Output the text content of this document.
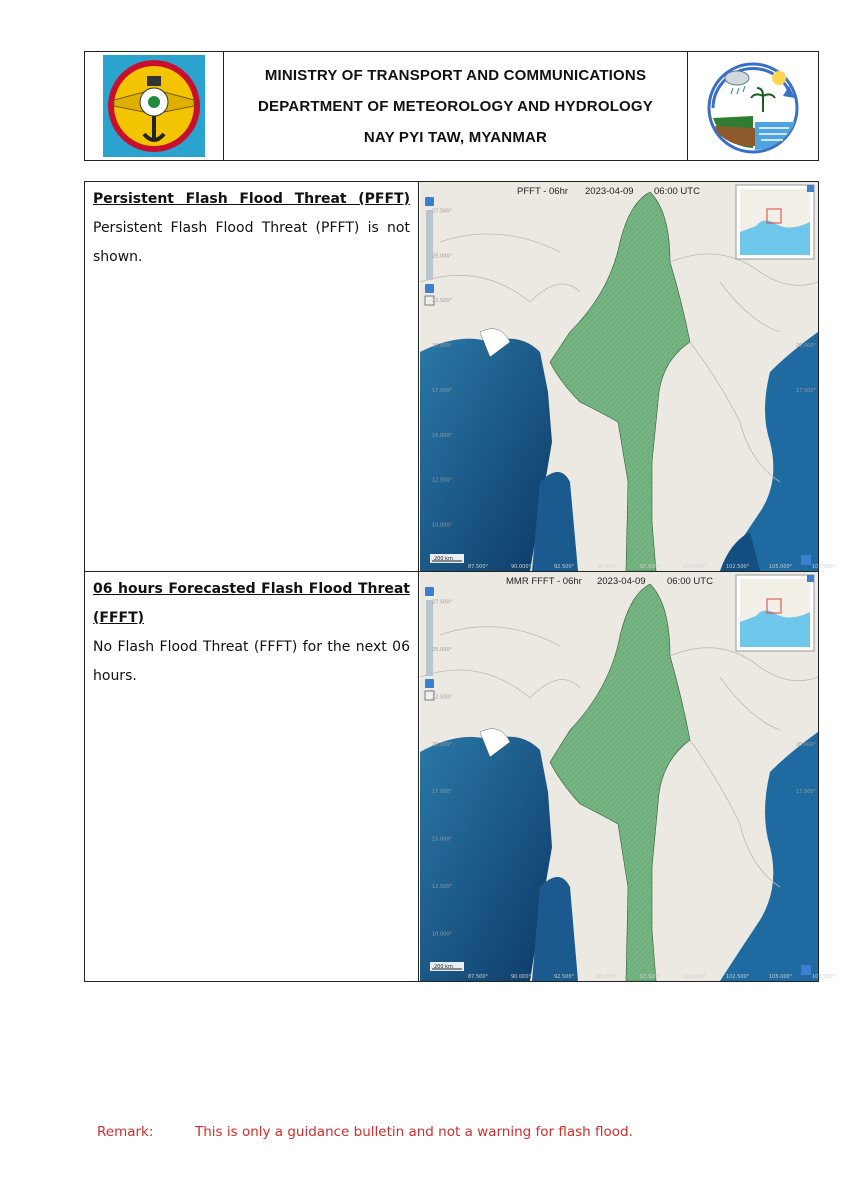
MINISTRY OF TRANSPORT AND COMMUNICATIONS
DEPARTMENT OF METEOROLOGY AND HYDROLOGY
NAY PYI TAW, MYANMAR
Persistent Flash Flood Threat (PFFT)
Persistent Flash Flood Threat (PFFT) is not shown.
200 km
27.500°
25.000°
22.500°
20.000°
17.500°
15.000°
12.500°
10.000°
20.000°
17.500°
87.500°	90.000°	92.500°	95.000°	97.500°	100.000°	102.500°	105.000°	107.500°
PFFT - 06hr 2023-04-09 06:00 UTC
06 hours Forecasted Flash Flood Threat
(FFFT)
No Flash Flood Threat (FFFT) for the next 06 hours.
200 km
27.500°
25.000°
22.500°
20.000°
17.500°
15.000°
12.500°
10.000°
20.000°
17.500°
87.500°	90.000°	92.500°	95.000°	97.500°	100.000°	102.500°	105.000°	107.500°
MMR FFFT - 06hr 2023-04-09 06:00 UTC
Remark:	This is only a guidance bulletin and not a warning for flash flood.
